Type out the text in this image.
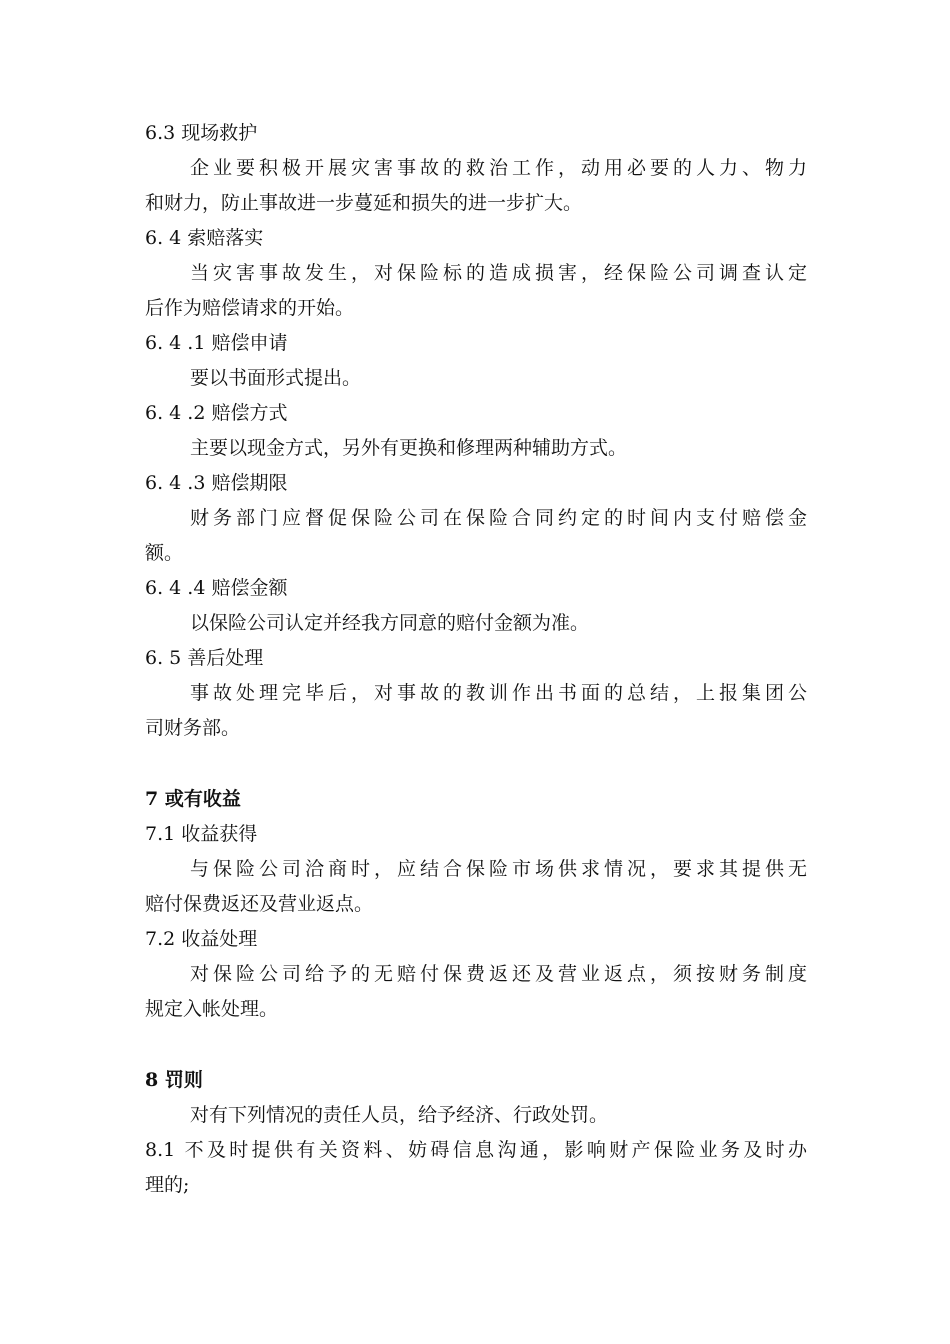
6.3 现场救护
企业要积极开展灾害事故的救治工作，动用必要的人力、物力
和财力，防止事故进一步蔓延和损失的进一步扩大。
6. 4 索赔落实
当灾害事故发生，对保险标的造成损害，经保险公司调查认定
后作为赔偿请求的开始。
6. 4 .1 赔偿申请
要以书面形式提出。
6. 4 .2 赔偿方式
主要以现金方式，另外有更换和修理两种辅助方式。
6. 4 .3 赔偿期限
财务部门应督促保险公司在保险合同约定的时间内支付赔偿金
额。
6. 4 .4 赔偿金额
以保险公司认定并经我方同意的赔付金额为准。
6. 5 善后处理
事故处理完毕后，对事故的教训作出书面的总结，上报集团公
司财务部。
7 或有收益
7.1 收益获得
与保险公司洽商时，应结合保险市场供求情况，要求其提供无
赔付保费返还及营业返点。
7.2 收益处理
对保险公司给予的无赔付保费返还及营业返点，须按财务制度
规定入帐处理。
8 罚则
对有下列情况的责任人员，给予经济、行政处罚。
8.1 不及时提供有关资料、妨碍信息沟通，影响财产保险业务及时办
理的;
